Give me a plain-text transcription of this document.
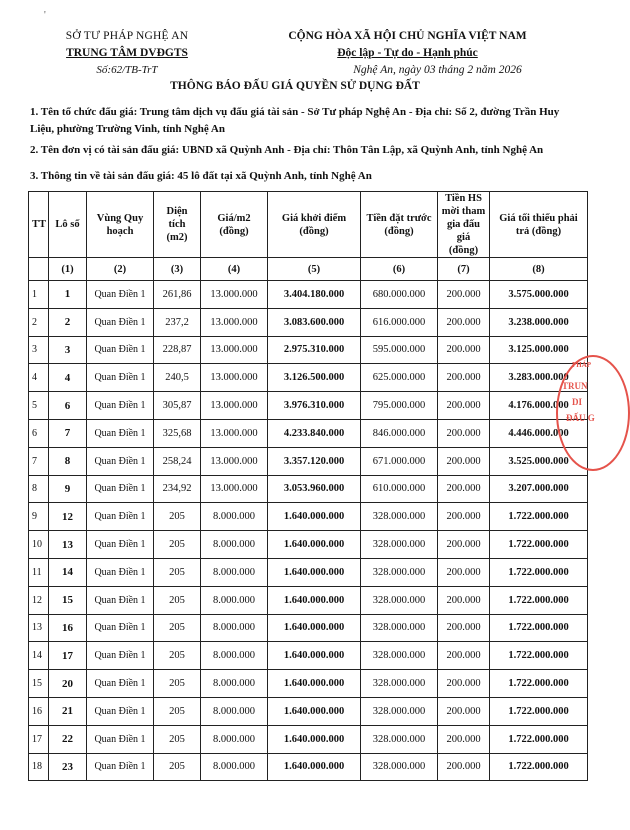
'
SỞ TƯ PHÁP NGHỆ AN
TRUNG TÂM DVĐGTS
Số:62/TB-TrT
CỘNG HÒA XÃ HỘI CHỦ NGHĨA VIỆT NAM
Độc lập - Tự do - Hạnh phúc
Nghệ An, ngày 03 tháng 2 năm 2026
THÔNG BÁO ĐẤU GIÁ QUYỀN SỬ DỤNG ĐẤT
1. Tên tổ chức đấu giá: Trung tâm dịch vụ đấu giá tài sản - Sở Tư pháp Nghệ An - Địa chỉ: Số 2, đường Trần Huy Liệu, phường Trường Vinh, tỉnh Nghệ An
2. Tên đơn vị có tài sản đấu giá: UBND xã Quỳnh Anh - Địa chỉ: Thôn Tân Lập, xã Quỳnh Anh, tỉnh Nghệ An
3. Thông tin về tài sản đấu giá: 45 lô đất tại xã Quỳnh Anh, tỉnh Nghệ An
TT	Lô số	Vùng Quy hoạch	Diện tích (m2)	Giá/m2 (đồng)	Giá khởi điểm (đồng)	Tiền đặt trước (đồng)	Tiền HS mời tham gia đấu giá (đồng)	Giá tối thiểu phải trả (đồng)
	(1)	(2)	(3)	(4)	(5)	(6)	(7)	(8)
1	1	Quan Điền 1	261,86	13.000.000	3.404.180.000	680.000.000	200.000	3.575.000.000
2	2	Quan Điền 1	237,2	13.000.000	3.083.600.000	616.000.000	200.000	3.238.000.000
3	3	Quan Điền 1	228,87	13.000.000	2.975.310.000	595.000.000	200.000	3.125.000.000
4	4	Quan Điền 1	240,5	13.000.000	3.126.500.000	625.000.000	200.000	3.283.000.000
5	6	Quan Điền 1	305,87	13.000.000	3.976.310.000	795.000.000	200.000	4.176.000.000
6	7	Quan Điền 1	325,68	13.000.000	4.233.840.000	846.000.000	200.000	4.446.000.000
7	8	Quan Điền 1	258,24	13.000.000	3.357.120.000	671.000.000	200.000	3.525.000.000
8	9	Quan Điền 1	234,92	13.000.000	3.053.960.000	610.000.000	200.000	3.207.000.000
9	12	Quan Điền 1	205	8.000.000	1.640.000.000	328.000.000	200.000	1.722.000.000
10	13	Quan Điền 1	205	8.000.000	1.640.000.000	328.000.000	200.000	1.722.000.000
11	14	Quan Điền 1	205	8.000.000	1.640.000.000	328.000.000	200.000	1.722.000.000
12	15	Quan Điền 1	205	8.000.000	1.640.000.000	328.000.000	200.000	1.722.000.000
13	16	Quan Điền 1	205	8.000.000	1.640.000.000	328.000.000	200.000	1.722.000.000
14	17	Quan Điền 1	205	8.000.000	1.640.000.000	328.000.000	200.000	1.722.000.000
15	20	Quan Điền 1	205	8.000.000	1.640.000.000	328.000.000	200.000	1.722.000.000
16	21	Quan Điền 1	205	8.000.000	1.640.000.000	328.000.000	200.000	1.722.000.000
17	22	Quan Điền 1	205	8.000.000	1.640.000.000	328.000.000	200.000	1.722.000.000
18	23	Quan Điền 1	205	8.000.000	1.640.000.000	328.000.000	200.000	1.722.000.000
PHÁP
TRUN
DI
ĐẤU G
